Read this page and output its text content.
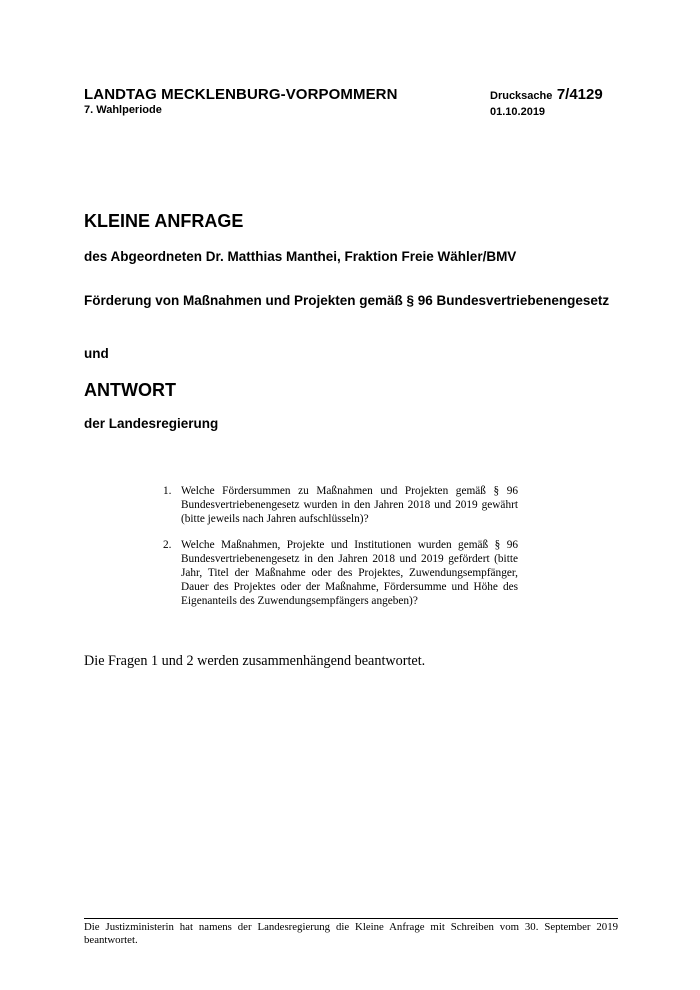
LANDTAG MECKLENBURG-VORPOMMERN
7. Wahlperiode
Drucksache 7/4129
01.10.2019
KLEINE ANFRAGE
des Abgeordneten Dr. Matthias Manthei, Fraktion Freie Wähler/BMV
Förderung von Maßnahmen und Projekten gemäß § 96 Bundesvertriebenengesetz
und
ANTWORT
der Landesregierung
1. Welche Fördersummen zu Maßnahmen und Projekten gemäß § 96 Bundesvertriebenengesetz wurden in den Jahren 2018 und 2019 gewährt (bitte jeweils nach Jahren aufschlüsseln)?
2. Welche Maßnahmen, Projekte und Institutionen wurden gemäß § 96 Bundesvertriebenengesetz in den Jahren 2018 und 2019 gefördert (bitte Jahr, Titel der Maßnahme oder des Projektes, Zuwendungsempfänger, Dauer des Projektes oder der Maßnahme, Fördersumme und Höhe des Eigenanteils des Zuwendungsempfängers angeben)?
Die Fragen 1 und 2 werden zusammenhängend beantwortet.
Die Justizministerin hat namens der Landesregierung die Kleine Anfrage mit Schreiben vom 30. September 2019 beantwortet.
